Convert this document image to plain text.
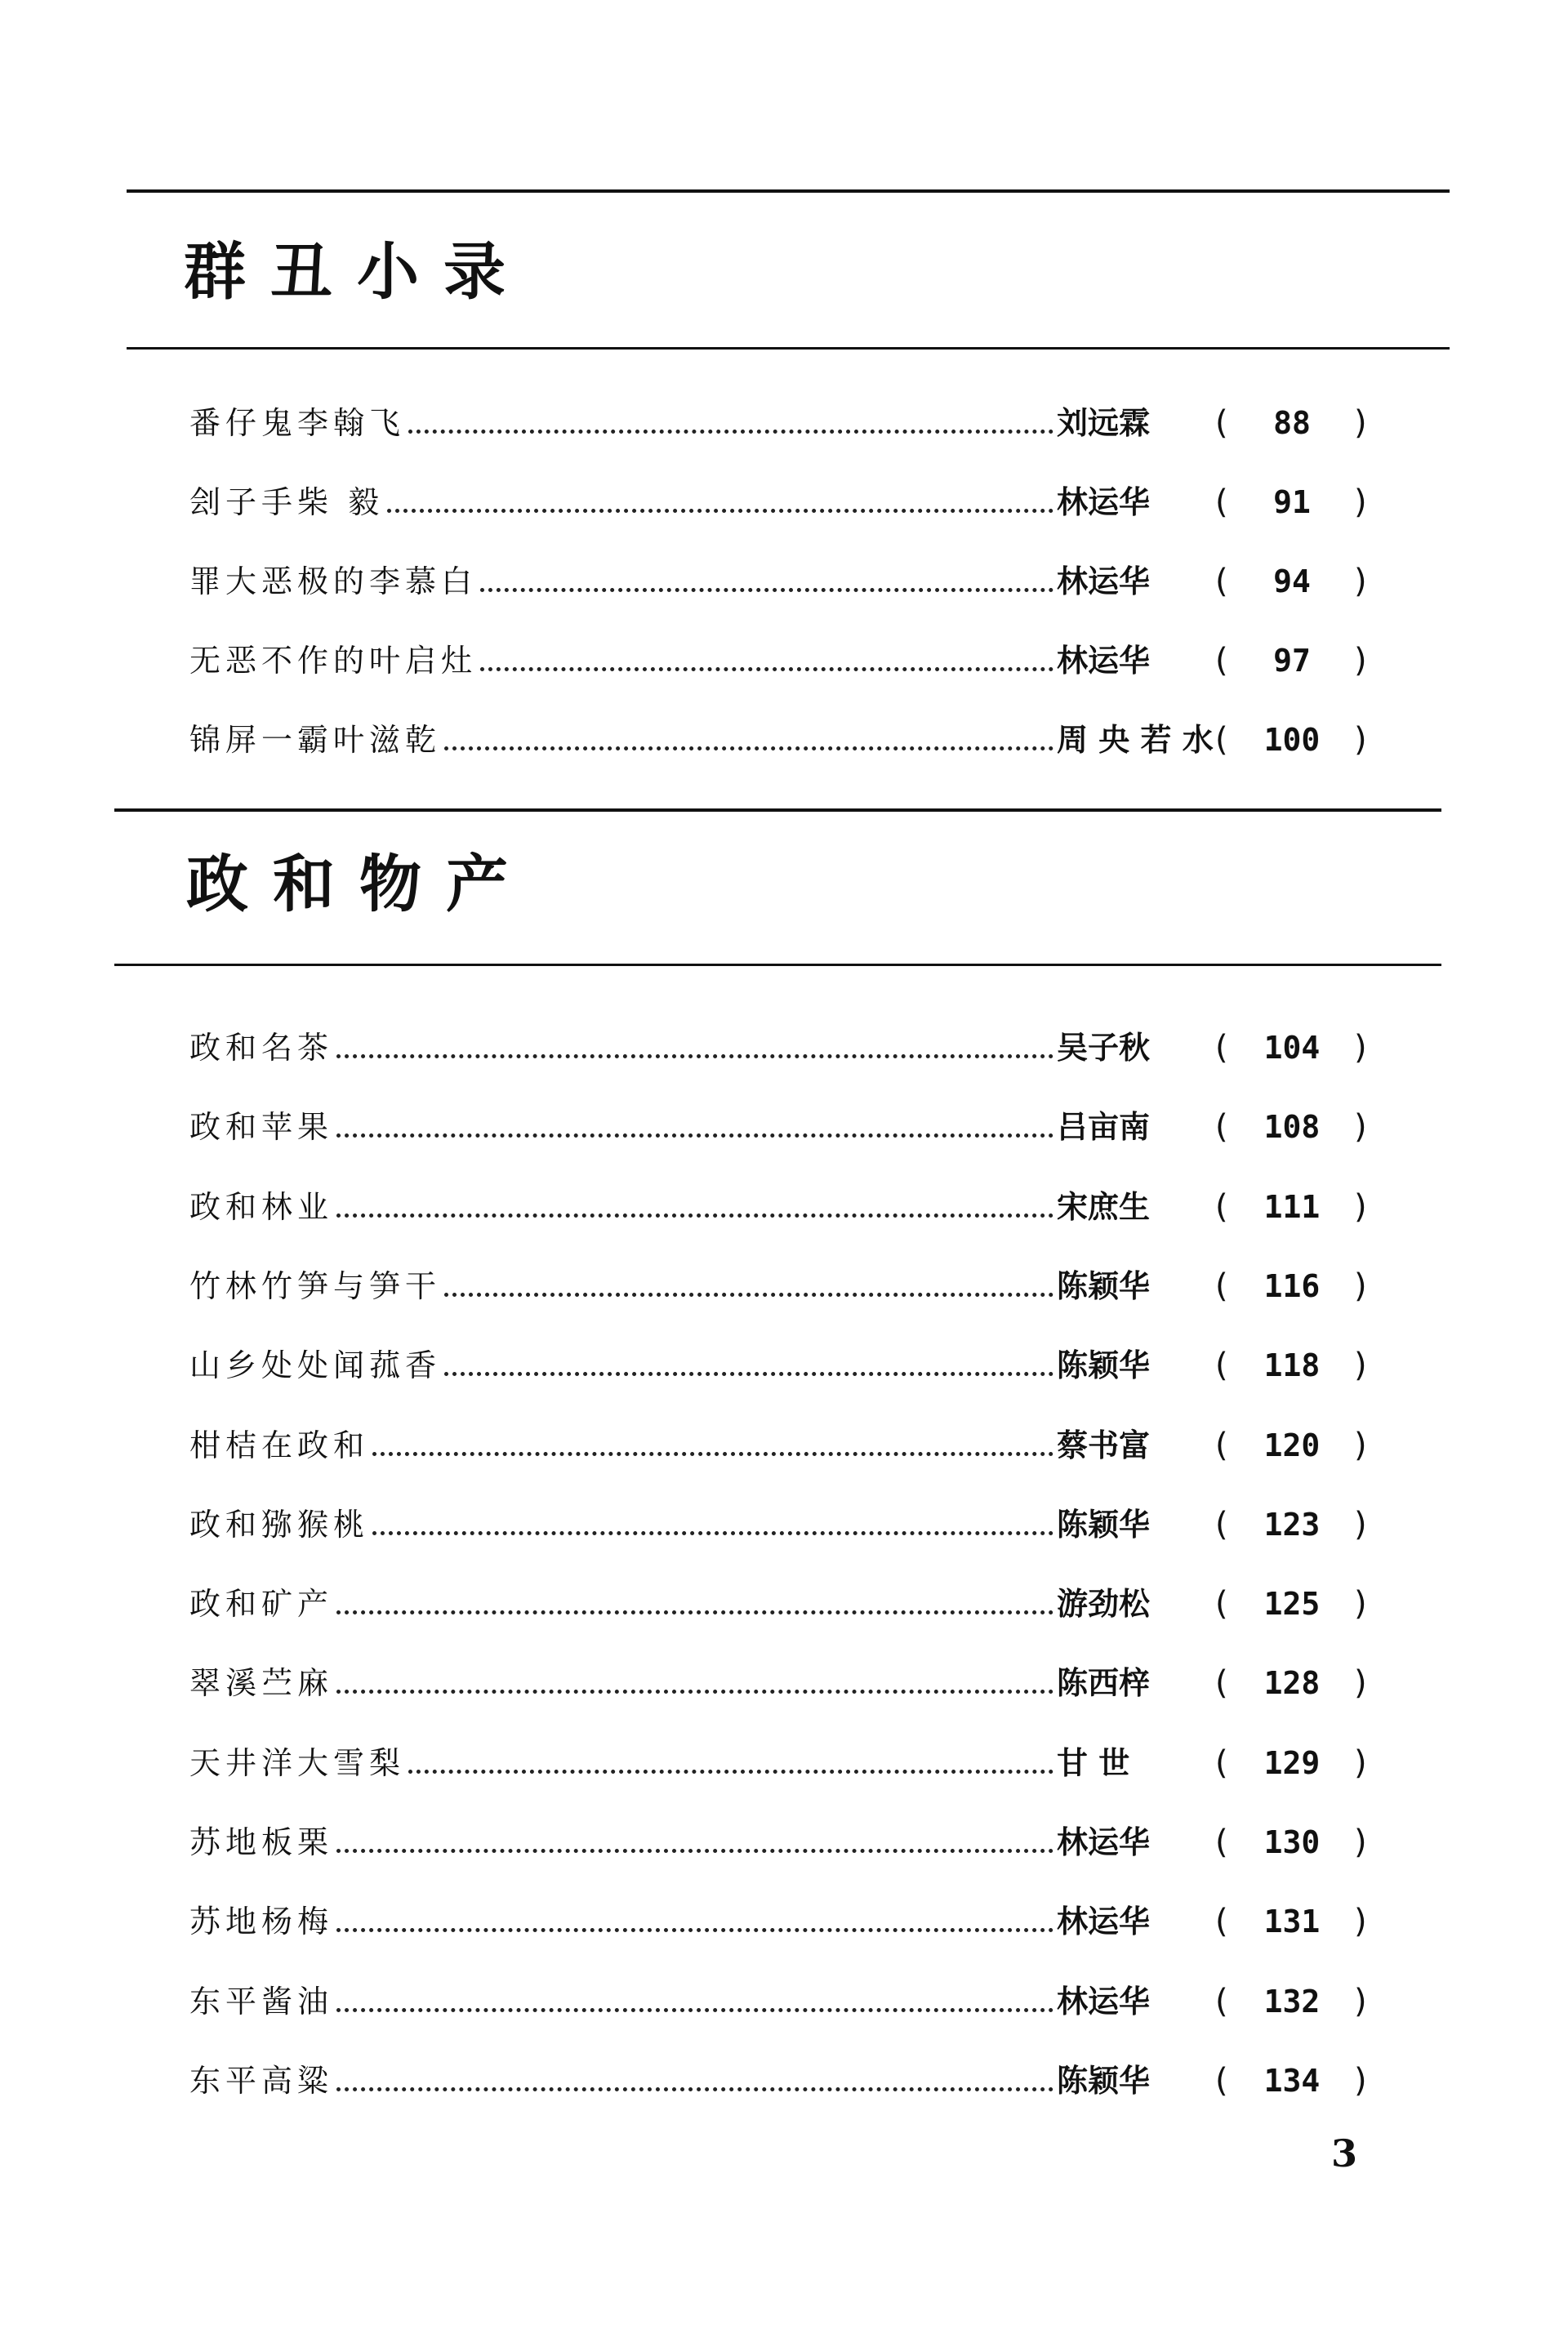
群丑小录
番仔鬼李翰飞	刘远霖	(	88	)
刽子手柴 毅	林运华	(	91	)
罪大恶极的李慕白	林运华	(	94	)
无恶不作的叶启灶	林运华	(	97	)
锦屏一霸叶滋乾	周 央 若 水 (	100	)
政和物产
政和名茶	吴子秋	(	104	)
政和苹果	吕亩南	(	108	)
政和林业	宋庶生	(	111	)
竹林竹笋与笋干	陈颖华	(	116	)
山乡处处闻菰香	陈颖华	(	118	)
柑桔在政和	蔡书富	(	120	)
政和猕猴桃	陈颖华	(	123	)
政和矿产	游劲松	(	125	)
翠溪苎麻	陈西梓	(	128	)
天井洋大雪梨	甘 世	(	129	)
苏地板栗	林运华	(	130	)
苏地杨梅	林运华	(	131	)
东平酱油	林运华	(	132	)
东平高粱	陈颖华	(	134	)
3
